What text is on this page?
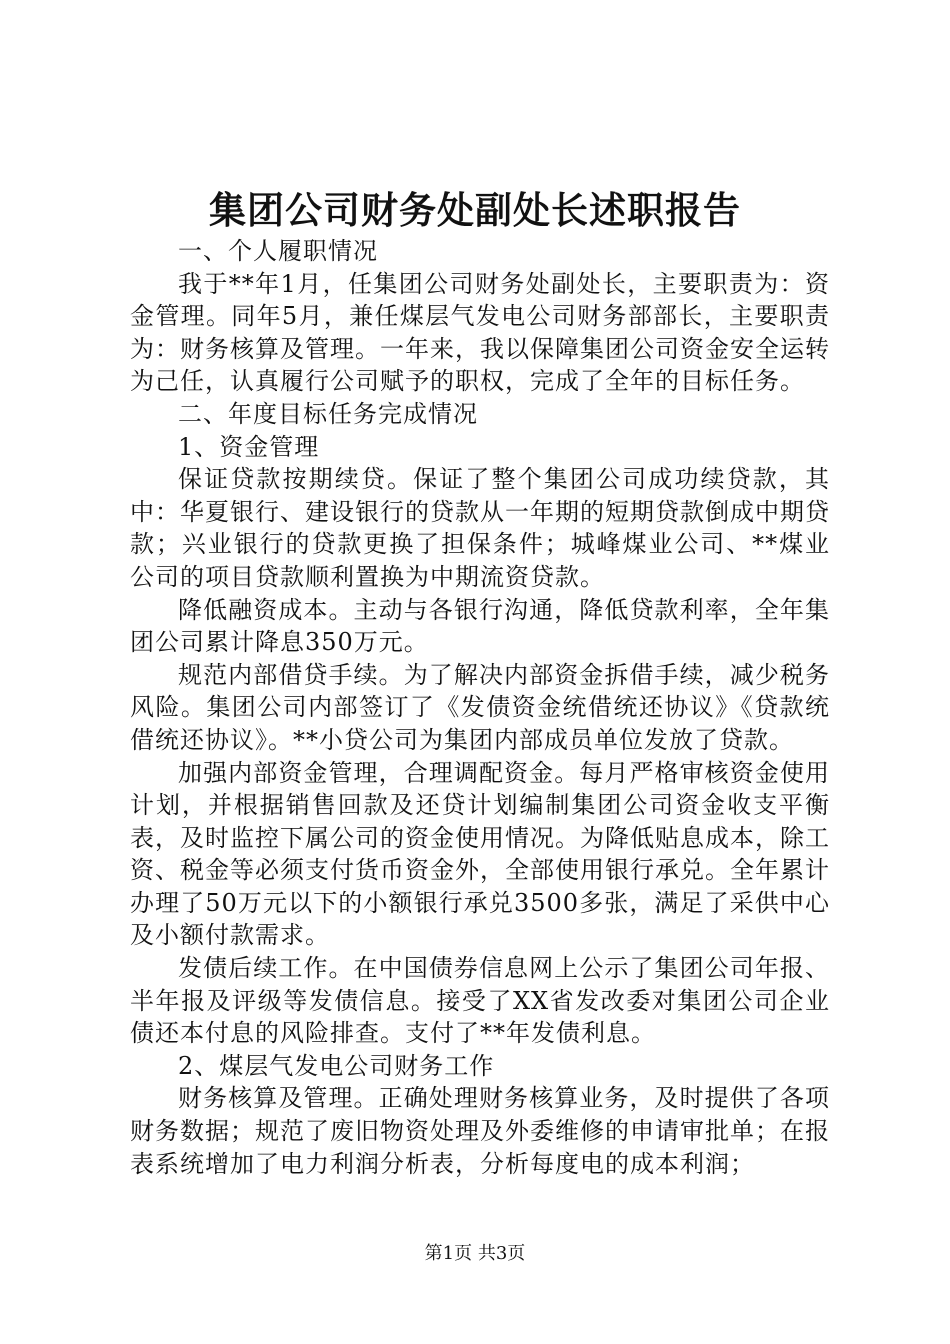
集团公司财务处副处长述职报告

一、个人履职情况

我于**年1月，任集团公司财务处副处长，主要职责为：资金管理。同年5月，兼任煤层气发电公司财务部部长，主要职责为：财务核算及管理。一年来，我以保障集团公司资金安全运转为己任，认真履行公司赋予的职权，完成了全年的目标任务。

二、年度目标任务完成情况

1、资金管理

保证贷款按期续贷。保证了整个集团公司成功续贷款，其中：华夏银行、建设银行的贷款从一年期的短期贷款倒成中期贷款；兴业银行的贷款更换了担保条件；城峰煤业公司、**煤业公司的项目贷款顺利置换为中期流资贷款。

降低融资成本。主动与各银行沟通，降低贷款利率，全年集团公司累计降息350万元。

规范内部借贷手续。为了解决内部资金拆借手续，减少税务风险。集团公司内部签订了《发债资金统借统还协议》《贷款统借统还协议》。**小贷公司为集团内部成员单位发放了贷款。

加强内部资金管理，合理调配资金。每月严格审核资金使用计划，并根据销售回款及还贷计划编制集团公司资金收支平衡表，及时监控下属公司的资金使用情况。为降低贴息成本，除工资、税金等必须支付货币资金外，全部使用银行承兑。全年累计办理了50万元以下的小额银行承兑3500多张，满足了采供中心及小额付款需求。

发债后续工作。在中国债券信息网上公示了集团公司年报、半年报及评级等发债信息。接受了XX省发改委对集团公司企业债还本付息的风险排查。支付了**年发债利息。

2、煤层气发电公司财务工作

财务核算及管理。正确处理财务核算业务，及时提供了各项财务数据；规范了废旧物资处理及外委维修的申请审批单；在报表系统增加了电力利润分析表，分析每度电的成本利润；

第1页 共3页
